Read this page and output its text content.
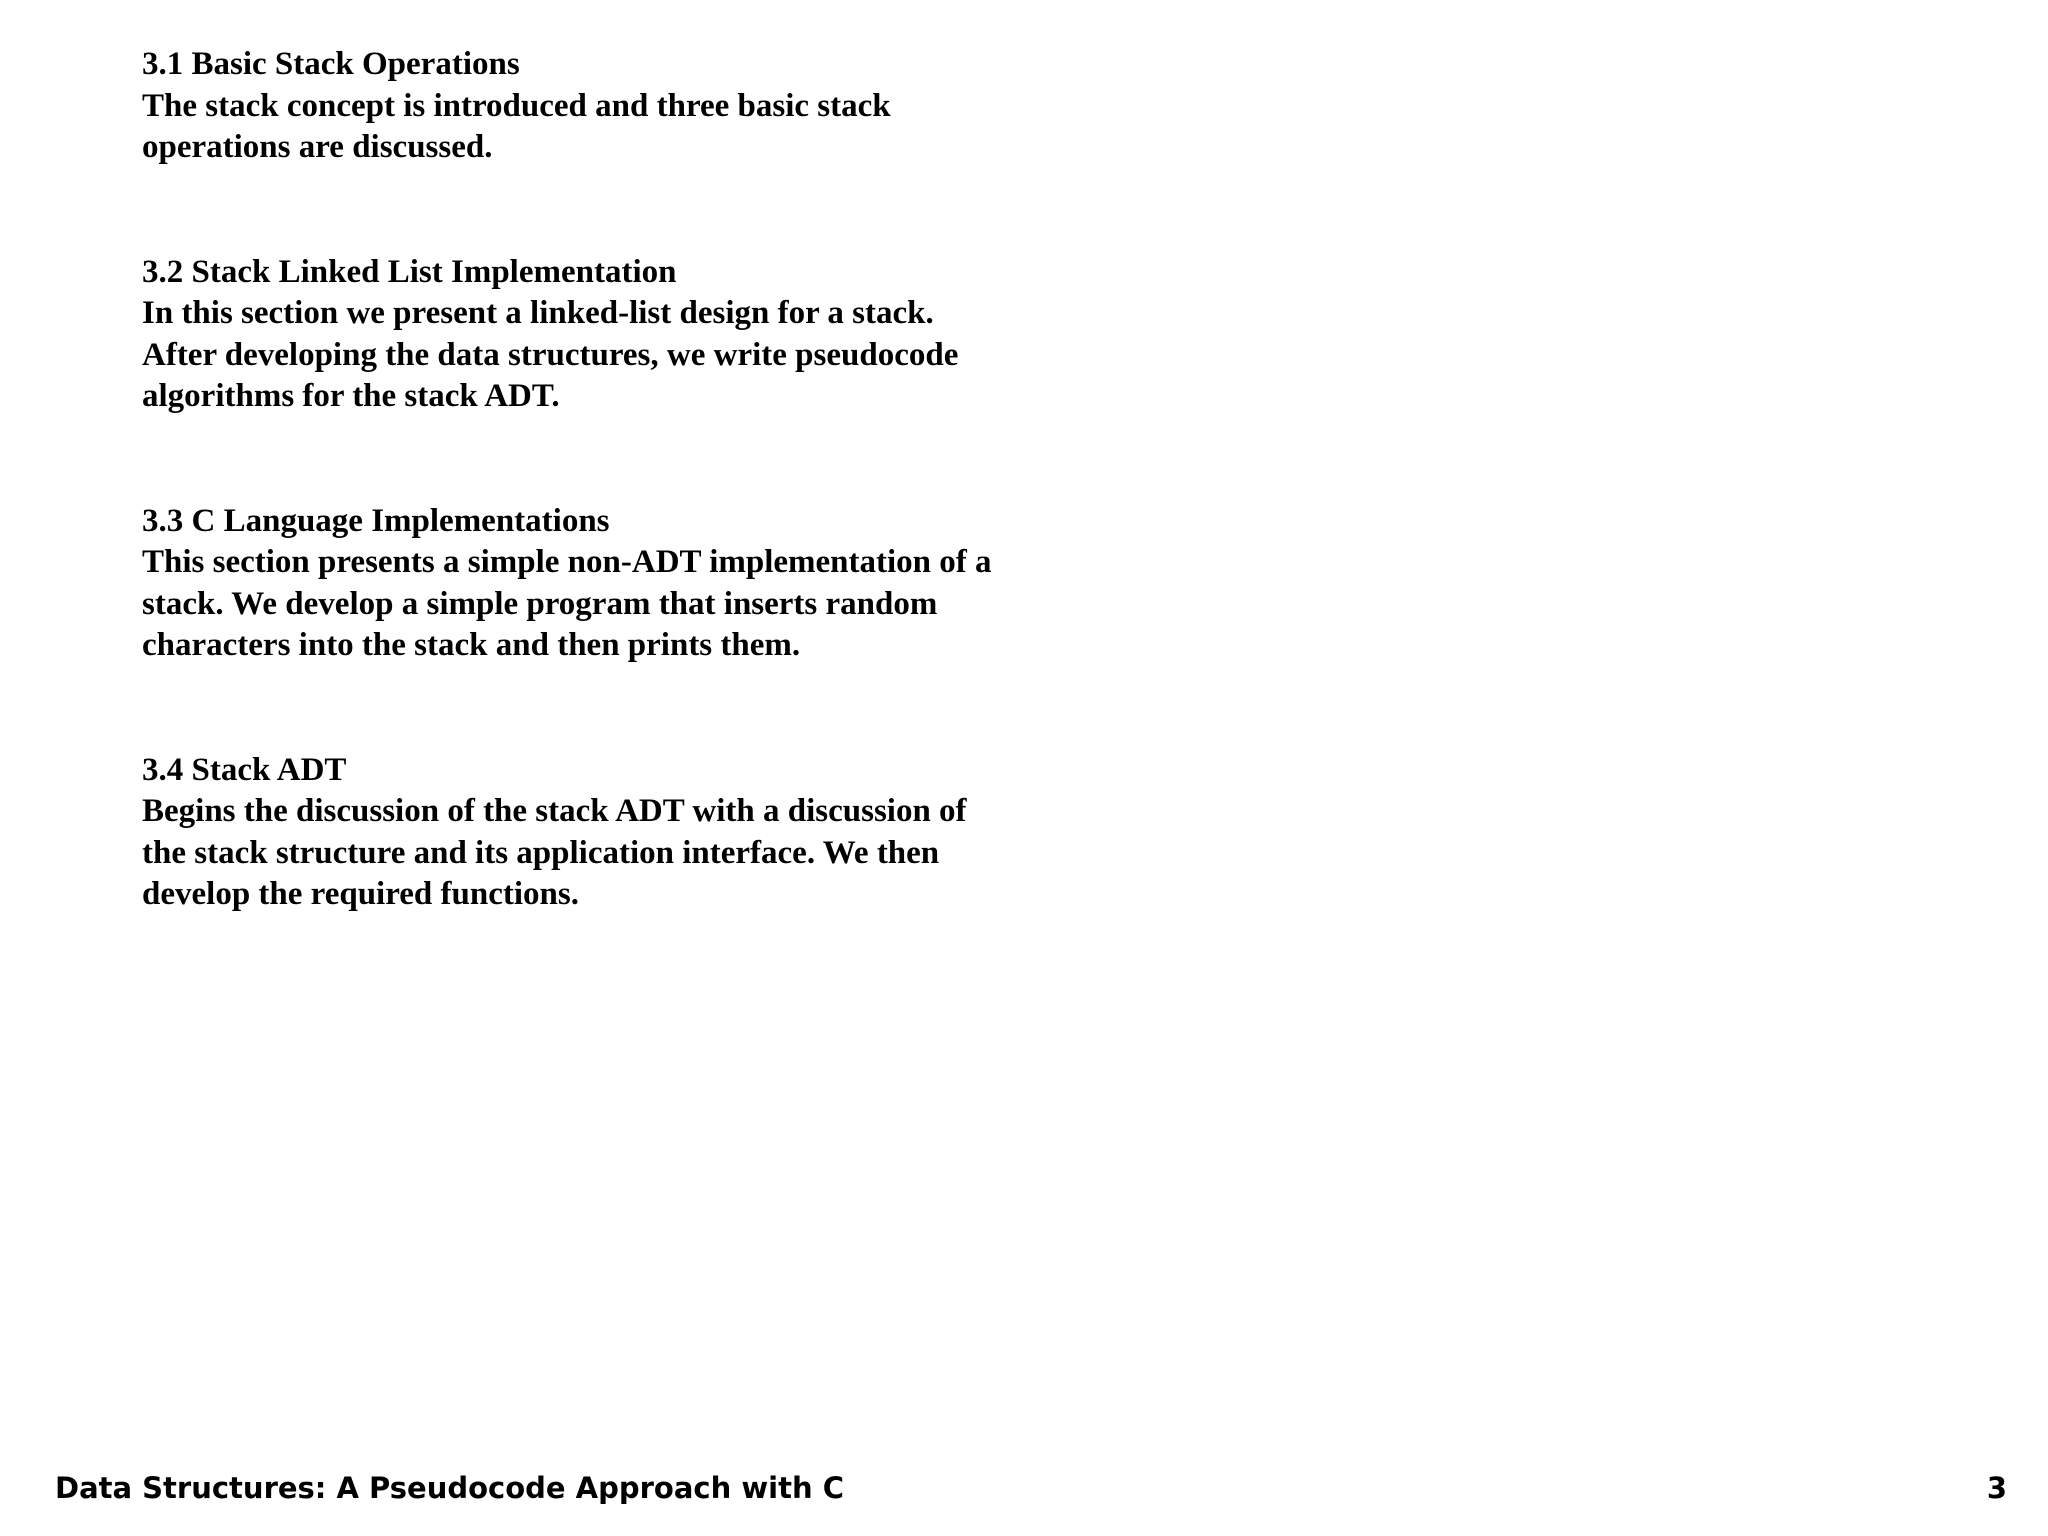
3.1 Basic Stack Operations
The stack concept is introduced and three basic stack
operations are discussed.
3.2 Stack Linked List Implementation
In this section we present a linked-list design for a stack.
After developing the data structures, we write pseudocode
algorithms for the stack ADT.
3.3 C Language Implementations
This section presents a simple non-ADT implementation of a
stack. We develop a simple program that inserts random
characters into the stack and then prints them.
3.4 Stack ADT
Begins the discussion of the stack ADT with a discussion of
the stack structure and its application interface. We then
develop the required functions.
Data Structures: A Pseudocode Approach with C	3
